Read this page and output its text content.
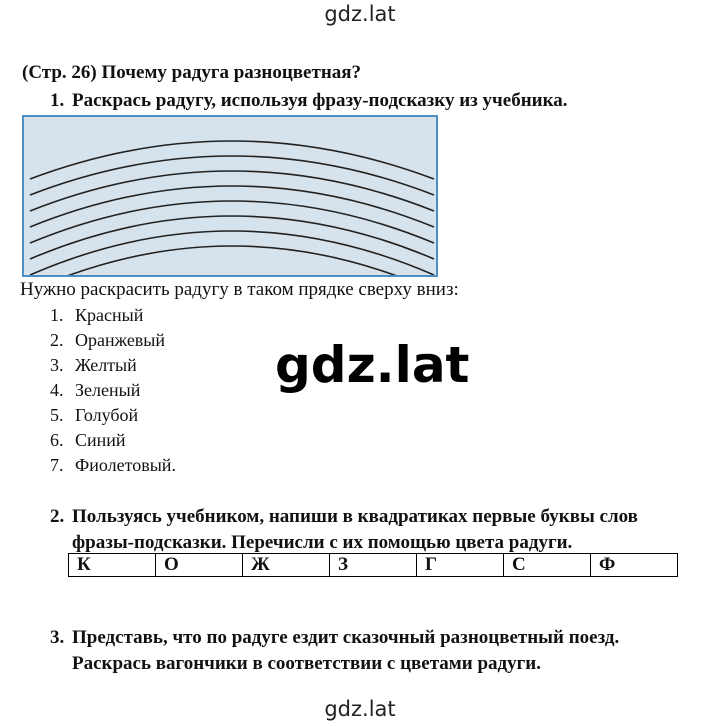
gdz.lat
(Стр. 26) Почему радуга разноцветная?
1. Раскрась радугу, используя фразу-подсказку из учебника.
Нужно раскрасить радугу в таком прядке сверху вниз:
1. Красный
2. Оранжевый
3. Желтый
4. Зеленый
5. Голубой
6. Синий
7. Фиолетовый.
gdz.lat

2. Пользуясь учебником, напиши в квадратиках первые буквы слов

фразы-подсказки. Перечисли с их помощью цвета радуги.

К	О	Ж	З	Г	С	Ф

3. Представь, что по радуге ездит сказочный разноцветный поезд.

Раскрась вагончики в соответствии с цветами радуги.

gdz.lat
